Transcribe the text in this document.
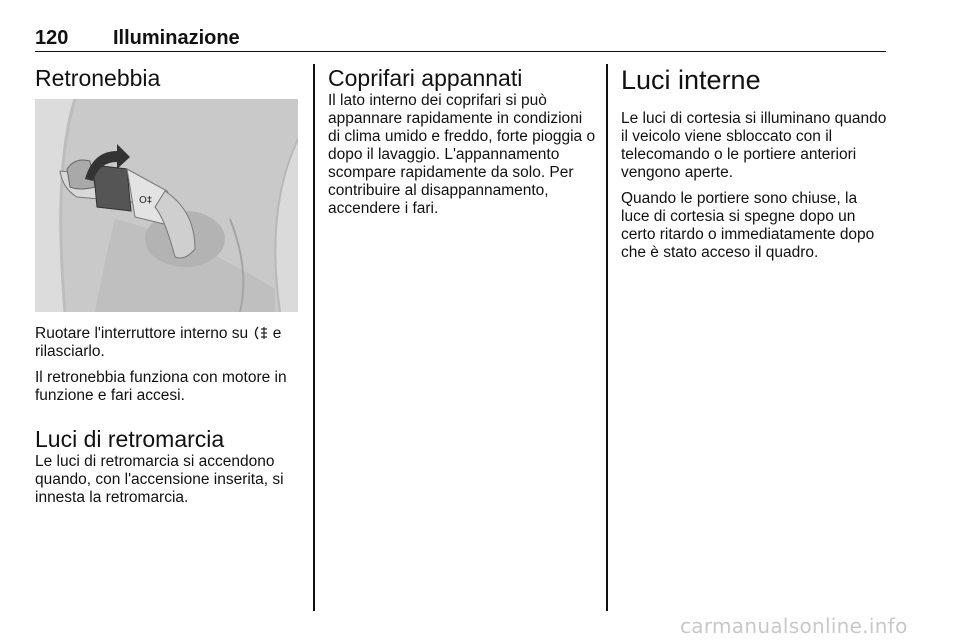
120 Illuminazione
Retronebbia
O‡

Ruotare l'interruttore interno su  e rilasciarlo.

Il retronebbia funziona con motore in funzione e fari accesi.

Luci di retromarcia

Le luci di retromarcia si accendono quando, con l'accensione inserita, si innesta la retromarcia.

Coprifari appannati

Il lato interno dei coprifari si può appannare rapidamente in condizioni di clima umido e freddo, forte pioggia o dopo il lavaggio. L'appannamento scompare rapidamente da solo. Per contribuire al disappannamento, accendere i fari.

Luci interne

Le luci di cortesia si illuminano quando il veicolo viene sbloccato con il telecomando o le portiere anteriori vengono aperte.

Quando le portiere sono chiuse, la luce di cortesia si spegne dopo un certo ritardo o immediatamente dopo che è stato acceso il quadro.

carmanualsonline.info
